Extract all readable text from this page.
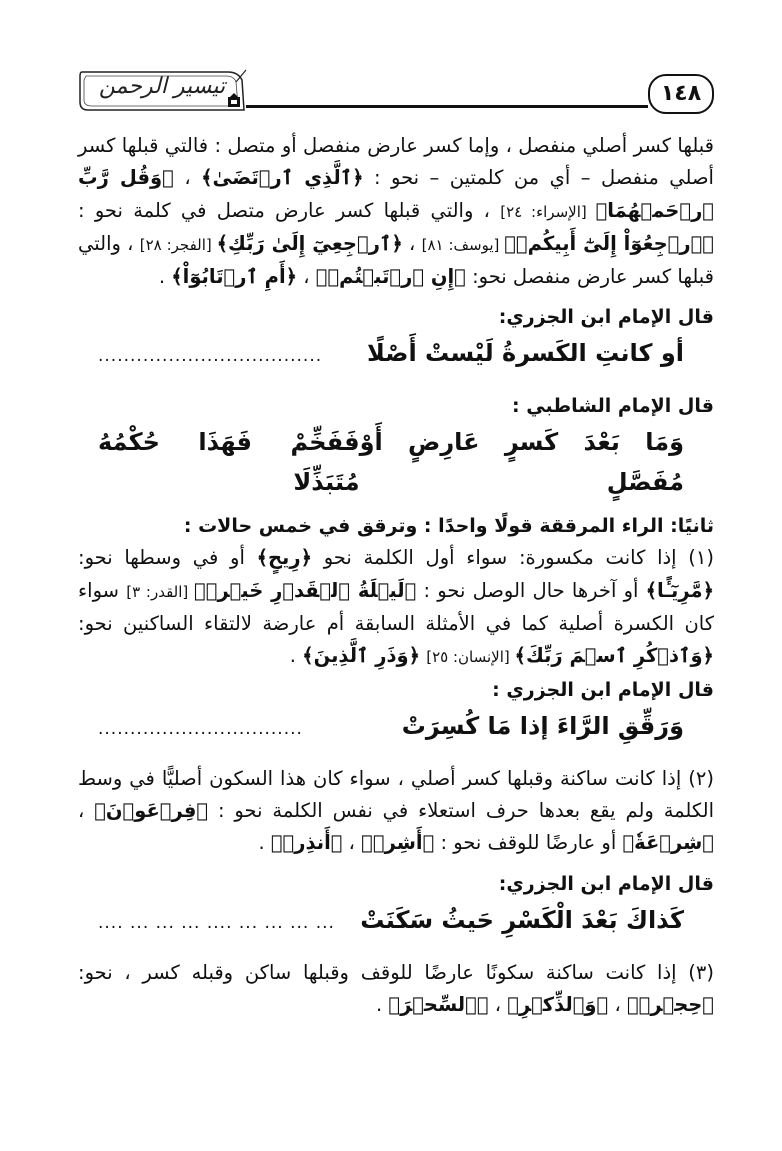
تيسير الرحمن	١٤٨

قبلها كسر أصلي منفصل ، وإما كسر عارض منفصل أو متصل : فالتي قبلها كسر أصلي منفصل – أي من كلمتين – نحو : ﴿ٱلَّذِي ٱرۡتَضَىٰ﴾ ، ﴿وَقُل رَّبِّ ٱرۡحَمۡهُمَا﴾ [الإسراء: ٢٤] ، والتي قبلها كسر عارض متصل في كلمة نحو : ﴿ٱرۡجِعُوٓاْ إِلَىٰٓ أَبِيكُمۡ﴾ [يوسف: ٨١] ، ﴿ٱرۡجِعِيٓ إِلَىٰ رَبِّكِ﴾ [الفجر: ٢٨] ، والتي قبلها كسر عارض منفصل نحو: ﴿إِنِ ٱرۡتَبۡتُمۡ﴾ ، ﴿أَمِ ٱرۡتَابُوٓاْ﴾ .

قال الإمام ابن الجزري:

أو كانتِ الكَسرةُ لَيْستْ أَصْلًا
...................................

قال الإمام الشاطبي :

وَمَا بَعْدَ كَسرٍ عَارِضٍ أَوْ مُفَصَّلٍ
فَفَخِّمْ فَهَذَا حُكْمُهُ مُتَبَذِّلَا

ثانيًا: الراء المرققة قولًا واحدًا : وترقق في خمس حالات :

(١) إذا كانت مكسورة: سواء أول الكلمة نحو ﴿رِيحٍ﴾ أو في وسطها نحو: ﴿مَّرِيٓـًٔا﴾ أو آخرها حال الوصل نحو : ﴿لَيۡلَةُ ٱلۡقَدۡرِ خَيۡرٞ﴾ [القدر: ٣] سواء كان الكسرة أصلية كما في الأمثلة السابقة أم عارضة لالتقاء الساكنين نحو: ﴿وَٱذۡكُرِ ٱسۡمَ رَبِّكَ﴾ [الإنسان: ٢٥] ﴿وَذَرِ ٱلَّذِينَ﴾ .

قال الإمام ابن الجزري :

وَرَقِّقِ الرَّاءَ إذا مَا كُسِرَتْ
................................

(٢) إذا كانت ساكنة وقبلها كسر أصلي ، سواء كان هذا السكون أصليًّا في وسط الكلمة ولم يقع بعدها حرف استعلاء في نفس الكلمة نحو : ﴿فِرۡعَوۡنَ﴾ ، ﴿شِرۡعَةٗ﴾ أو عارضًا للوقف نحو : ﴿أَشِرٞ﴾ ، ﴿أَنذِرۡ﴾ .

قال الإمام ابن الجزري:

كَذاكَ بَعْدَ الْكَسْرِ حَيثُ سَكَنَتْ
.... ... ... ... .... ... ... ... ...

(٣) إذا كانت ساكنة سكونًا عارضًا للوقف وقبلها ساكن وقبله كسر ، نحو: ﴿حِجۡرٞ﴾ ، ﴿وَٱلذِّكۡرِ﴾ ، ﴿ٱلسِّحۡرَ﴾ .
